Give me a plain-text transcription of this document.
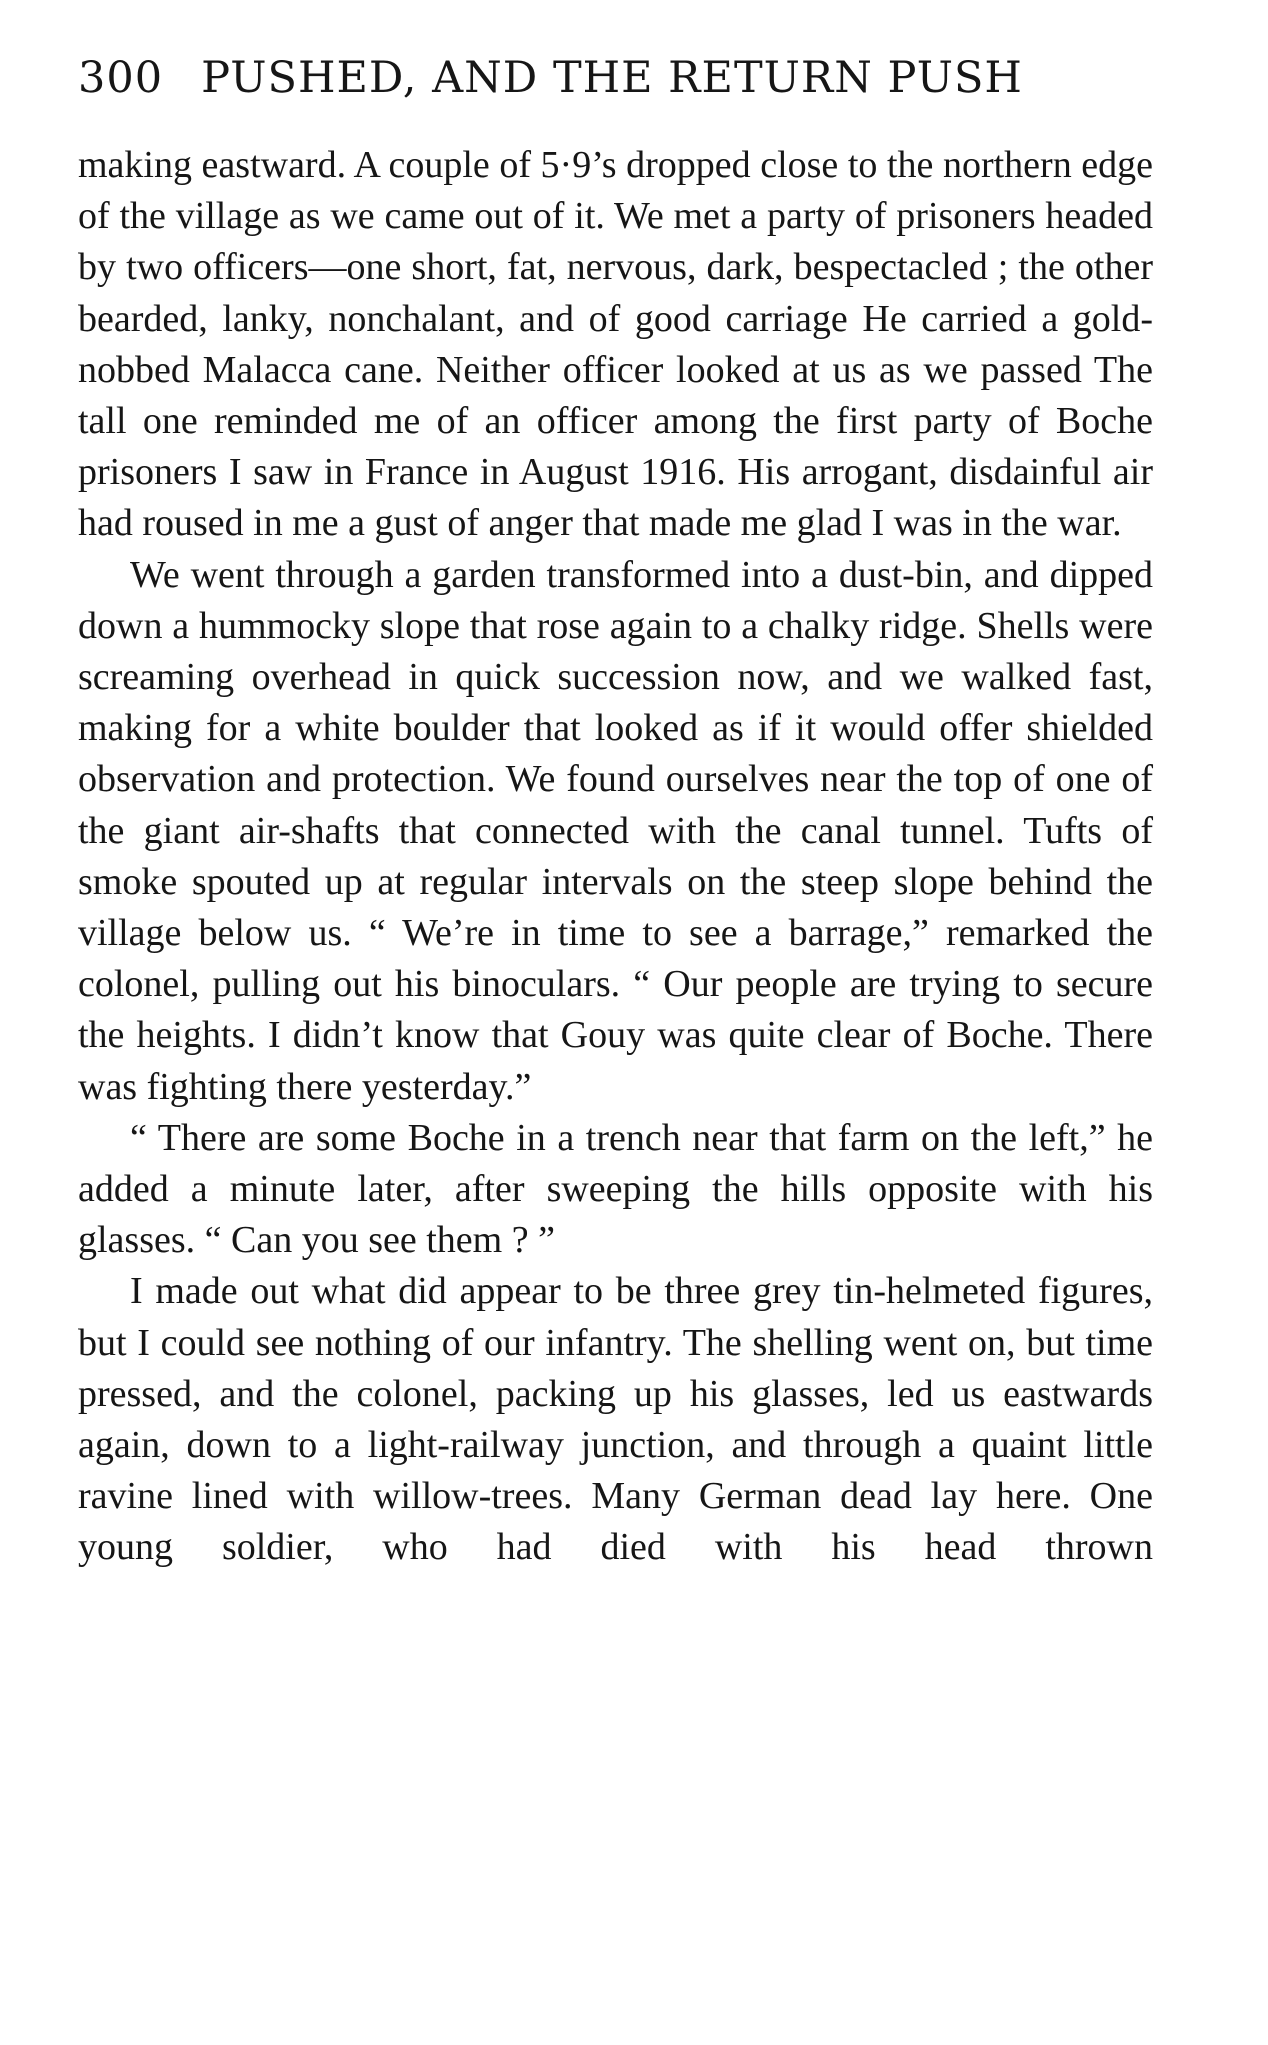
300 PUSHED, AND THE RETURN PUSH

making eastward. A couple of 5·9’s dropped close to the northern edge of the village as we came out of it. We met a party of prisoners headed by two officers—one short, fat, nervous, dark, bespectacled ; the other bearded, lanky, nonchalant, and of good carriage He carried a gold-nobbed Malacca cane. Neither officer looked at us as we passed The tall one reminded me of an officer among the first party of Boche prisoners I saw in France in August 1916. His arrogant, disdainful air had roused in me a gust of anger that made me glad I was in the war.

We went through a garden transformed into a dust-bin, and dipped down a hummocky slope that rose again to a chalky ridge. Shells were screaming overhead in quick succession now, and we walked fast, making for a white boulder that looked as if it would offer shielded observation and protection. We found ourselves near the top of one of the giant air-shafts that connected with the canal tunnel. Tufts of smoke spouted up at regular intervals on the steep slope behind the village below us. “ We’re in time to see a barrage,” remarked the colonel, pulling out his binoculars. “ Our people are trying to secure the heights. I didn’t know that Gouy was quite clear of Boche. There was fighting there yesterday.”

“ There are some Boche in a trench near that farm on the left,” he added a minute later, after sweeping the hills opposite with his glasses. “ Can you see them ? ”

I made out what did appear to be three grey tin-helmeted figures, but I could see nothing of our infantry. The shelling went on, but time pressed, and the colonel, packing up his glasses, led us eastwards again, down to a light-railway junction, and through a quaint little ravine lined with willow-trees. Many German dead lay here. One young soldier, who had died with his head thrown
